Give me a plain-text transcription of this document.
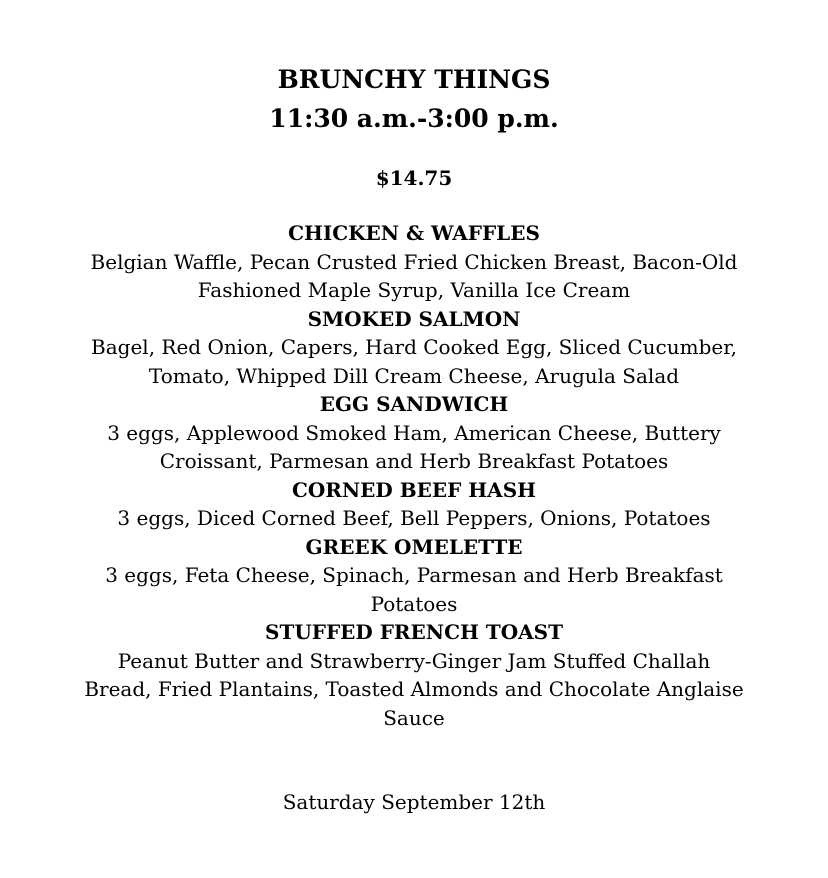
BRUNCHY THINGS
11:30 a.m.-3:00 p.m.
$14.75
CHICKEN & WAFFLES
Belgian Waffle, Pecan Crusted Fried Chicken Breast, Bacon-Old Fashioned Maple Syrup, Vanilla Ice Cream
SMOKED SALMON
Bagel, Red Onion, Capers, Hard Cooked Egg, Sliced Cucumber, Tomato, Whipped Dill Cream Cheese, Arugula Salad
EGG SANDWICH
3 eggs, Applewood Smoked Ham, American Cheese, Buttery Croissant, Parmesan and Herb Breakfast Potatoes
CORNED BEEF HASH
3 eggs, Diced Corned Beef, Bell Peppers, Onions, Potatoes
GREEK OMELETTE
3 eggs, Feta Cheese, Spinach, Parmesan and Herb Breakfast Potatoes
STUFFED FRENCH TOAST
Peanut Butter and Strawberry-Ginger Jam Stuffed Challah Bread, Fried Plantains, Toasted Almonds and Chocolate Anglaise Sauce
Saturday September 12th
